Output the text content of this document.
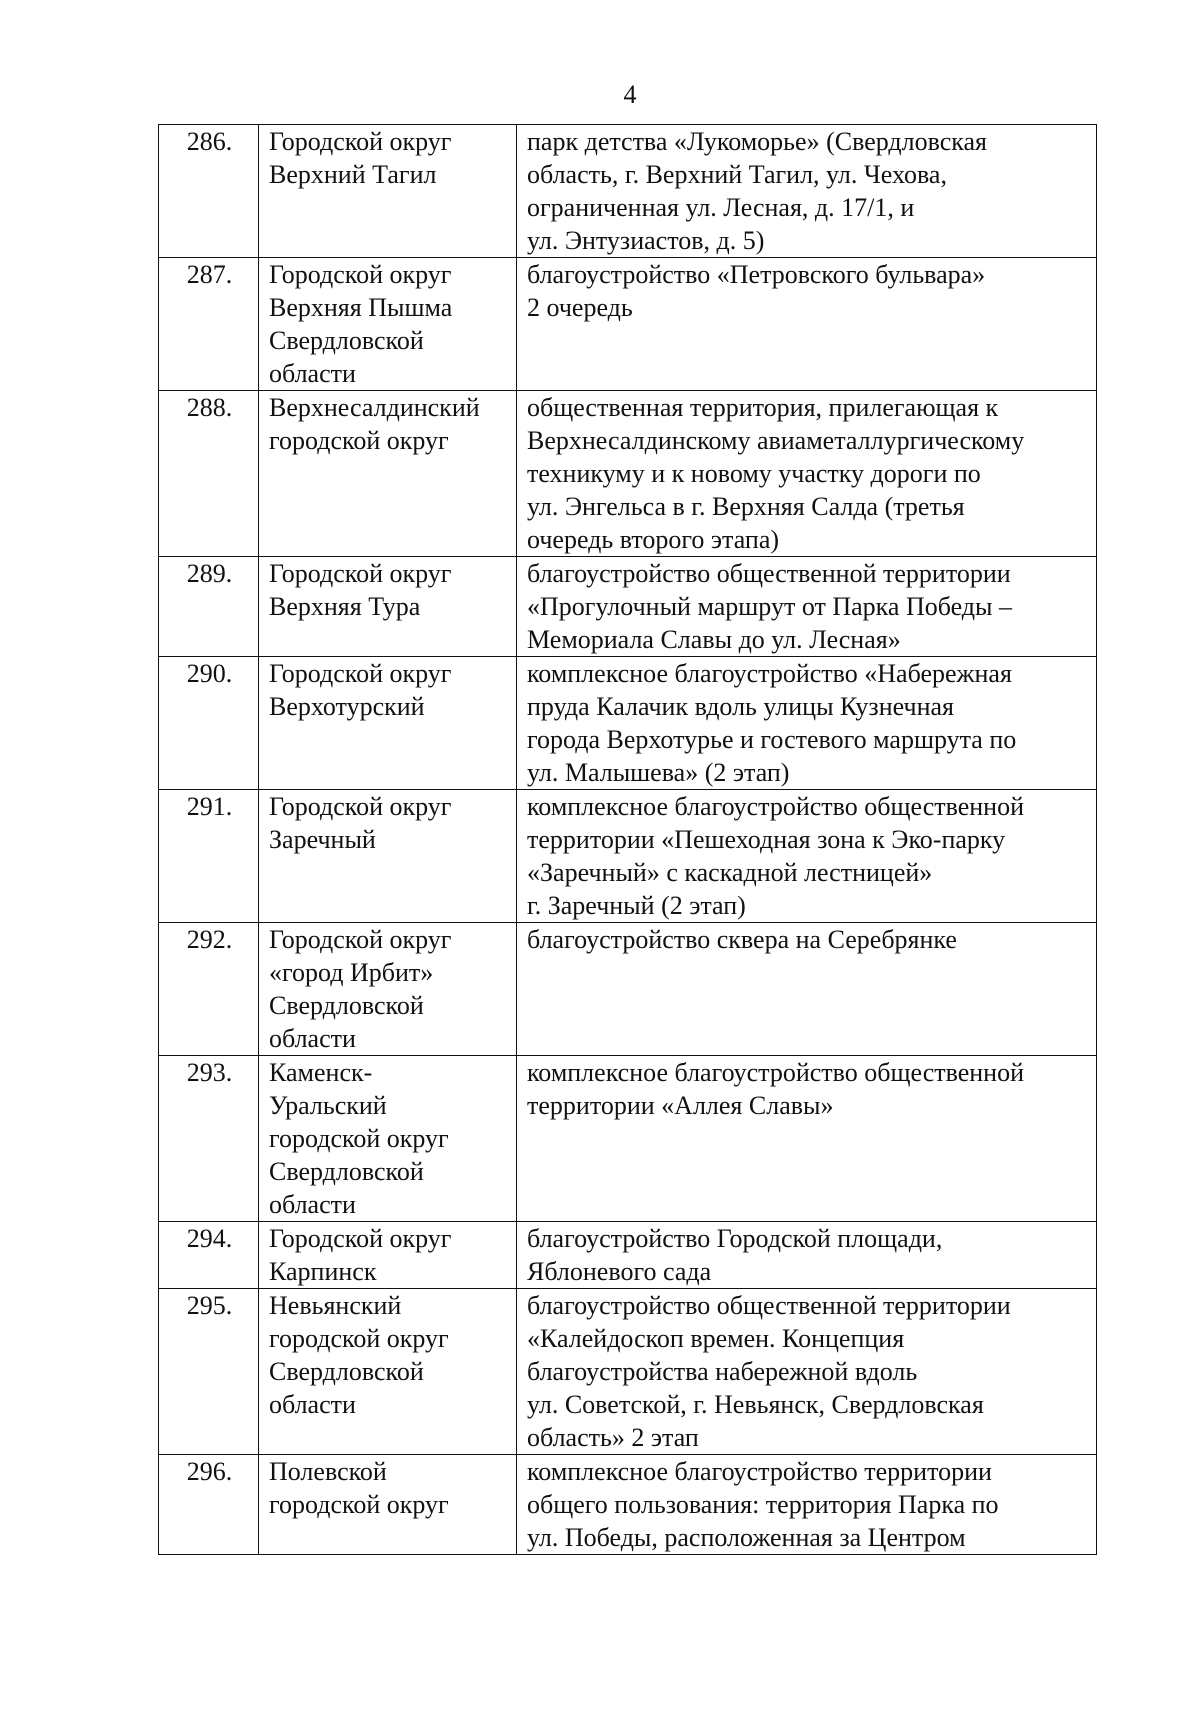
4
286.	Городской округ
Верхний Тагил	парк детства «Лукоморье» (Свердловская
область, г. Верхний Тагил, ул. Чехова,
ограниченная ул. Лесная, д. 17/1, и
ул. Энтузиастов, д. 5)

287.	Городской округ
Верхняя Пышма
Свердловской
области	благоустройство «Петровского бульвара»
2 очередь

288.	Верхнесалдинский
городской округ	общественная территория, прилегающая к
Верхнесалдинскому авиаметаллургическому
техникуму и к новому участку дороги по
ул. Энгельса в г. Верхняя Салда (третья
очередь второго этапа)

289.	Городской округ
Верхняя Тура	благоустройство общественной территории
«Прогулочный маршрут от Парка Победы –
Мемориала Славы до ул. Лесная»

290.	Городской округ
Верхотурский	комплексное благоустройство «Набережная
пруда Калачик вдоль улицы Кузнечная
города Верхотурье и гостевого маршрута по
ул. Малышева» (2 этап)

291.	Городской округ
Заречный	комплексное благоустройство общественной
территории «Пешеходная зона к Эко-парку
«Заречный» с каскадной лестницей»
г. Заречный (2 этап)

292.	Городской округ
«город Ирбит»
Свердловской
области	благоустройство сквера на Серебрянке

293.	Каменск-
Уральский
городской округ
Свердловской
области	комплексное благоустройство общественной
территории «Аллея Славы»

294.	Городской округ
Карпинск	благоустройство Городской площади,
Яблоневого сада

295.	Невьянский
городской округ
Свердловской
области	благоустройство общественной территории
«Калейдоскоп времен. Концепция
благоустройства набережной вдоль
ул. Советской, г. Невьянск, Свердловская
область» 2 этап

296.	Полевской
городской округ	комплексное благоустройство территории
общего пользования: территория Парка по
ул. Победы, расположенная за Центром
